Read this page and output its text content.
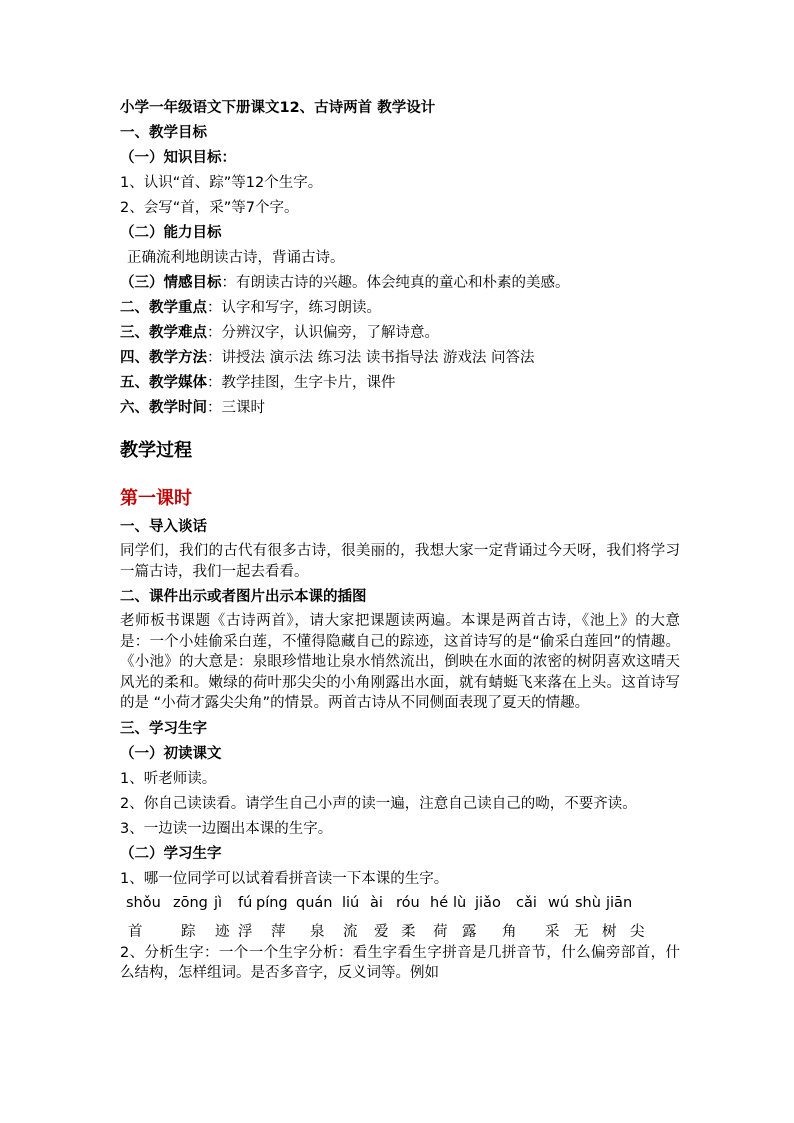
小学一年级语文下册课文12、古诗两首 教学设计
一、教学目标
（一）知识目标：
1、认识“首、踪”等12个生字。
2、会写“首，采”等7个字。
（二）能力目标
正确流利地朗读古诗，背诵古诗。
（三）情感目标：有朗读古诗的兴趣。体会纯真的童心和朴素的美感。
二、教学重点：认字和写字，练习朗读。
三、教学难点：分辨汉字，认识偏旁，了解诗意。
四、教学方法：讲授法 演示法 练习法 读书指导法 游戏法 问答法
五、教学媒体：教学挂图，生字卡片，课件
六、教学时间：三课时
教学过程
第一课时
一、导入谈话
同学们，我们的古代有很多古诗，很美丽的，我想大家一定背诵过今天呀，我们将学习一篇古诗，我们一起去看看。
二、课件出示或者图片出示本课的插图
老师板书课题《古诗两首》，请大家把课题读两遍。本课是两首古诗，《池上》的大意是：一个小娃偷采白莲，不懂得隐藏自己的踪迹，这首诗写的是“偷采白莲回”的情趣。《小池》的大意是：泉眼珍惜地让泉水悄然流出，倒映在水面的浓密的树阴喜欢这晴天风光的柔和。嫩绿的荷叶那尖尖的小角刚露出水面，就有蜻蜓飞来落在上头。这首诗写的是 “小荷才露尖尖角”的情景。两首古诗从不同侧面表现了夏天的情趣。
三、学习生字
（一）初读课文
1、听老师读。
2、你自己读读看。请学生自己小声的读一遍，注意自己读自己的呦，不要齐读。
3、一边读一边圈出本课的生字。
（二）学习生字
1、哪一位同学可以试着看拼音读一下本课的生字。
shǒu zōng jì fú píng quán liú ài róu hé lù jiǎo cǎi wú shù jiān
首	踪 迹 浮 萍 泉 流 爱 柔 荷 露 角 采 无 树 尖
2、分析生字：一个一个生字分析：看生字看生字拼音是几拼音节，什么偏旁部首，什么结构，怎样组词。是否多音字，反义词等。例如
